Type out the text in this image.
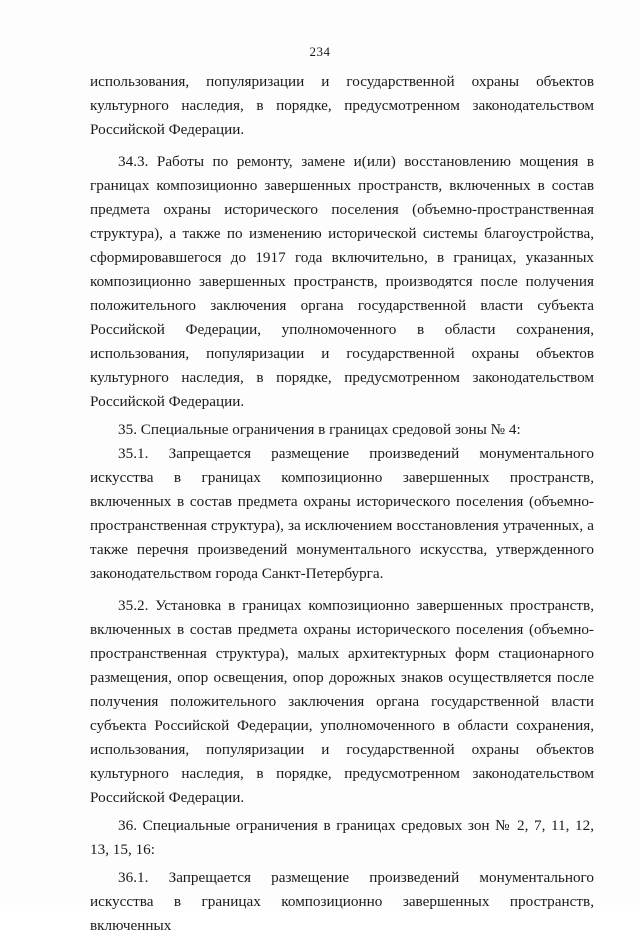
234

использования, популяризации и государственной охраны объектов культурного наследия, в порядке, предусмотренном законодательством Российской Федерации.

34.3. Работы по ремонту, замене и(или) восстановлению мощения в границах композиционно завершенных пространств, включенных в состав предмета охраны исторического поселения (объемно-пространственная структура), а также по изменению исторической системы благоустройства, сформировавшегося до 1917 года включительно, в границах, указанных композиционно завершенных пространств, производятся после получения положительного заключения органа государственной власти субъекта Российской Федерации, уполномоченного в области сохранения, использования, популяризации и государственной охраны объектов культурного наследия, в порядке, предусмотренном законодательством Российской Федерации.

35. Специальные ограничения в границах средовой зоны № 4:

35.1. Запрещается размещение произведений монументального искусства в границах композиционно завершенных пространств, включенных в состав предмета охраны исторического поселения (объемно-пространственная структура), за исключением восстановления утраченных, а также перечня произведений монументального искусства, утвержденного законодательством города Санкт-Петербурга.

35.2. Установка в границах композиционно завершенных пространств, включенных в состав предмета охраны исторического поселения (объемно-пространственная структура), малых архитектурных форм стационарного размещения, опор освещения, опор дорожных знаков осуществляется после получения положительного заключения органа государственной власти субъекта Российской Федерации, уполномоченного в области сохранения, использования, популяризации и государственной охраны объектов культурного наследия, в порядке, предусмотренном законодательством Российской Федерации.

36. Специальные ограничения в границах средовых зон № 2, 7, 11, 12, 13, 15, 16:

36.1. Запрещается размещение произведений монументального искусства в границах композиционно завершенных пространств, включенных
